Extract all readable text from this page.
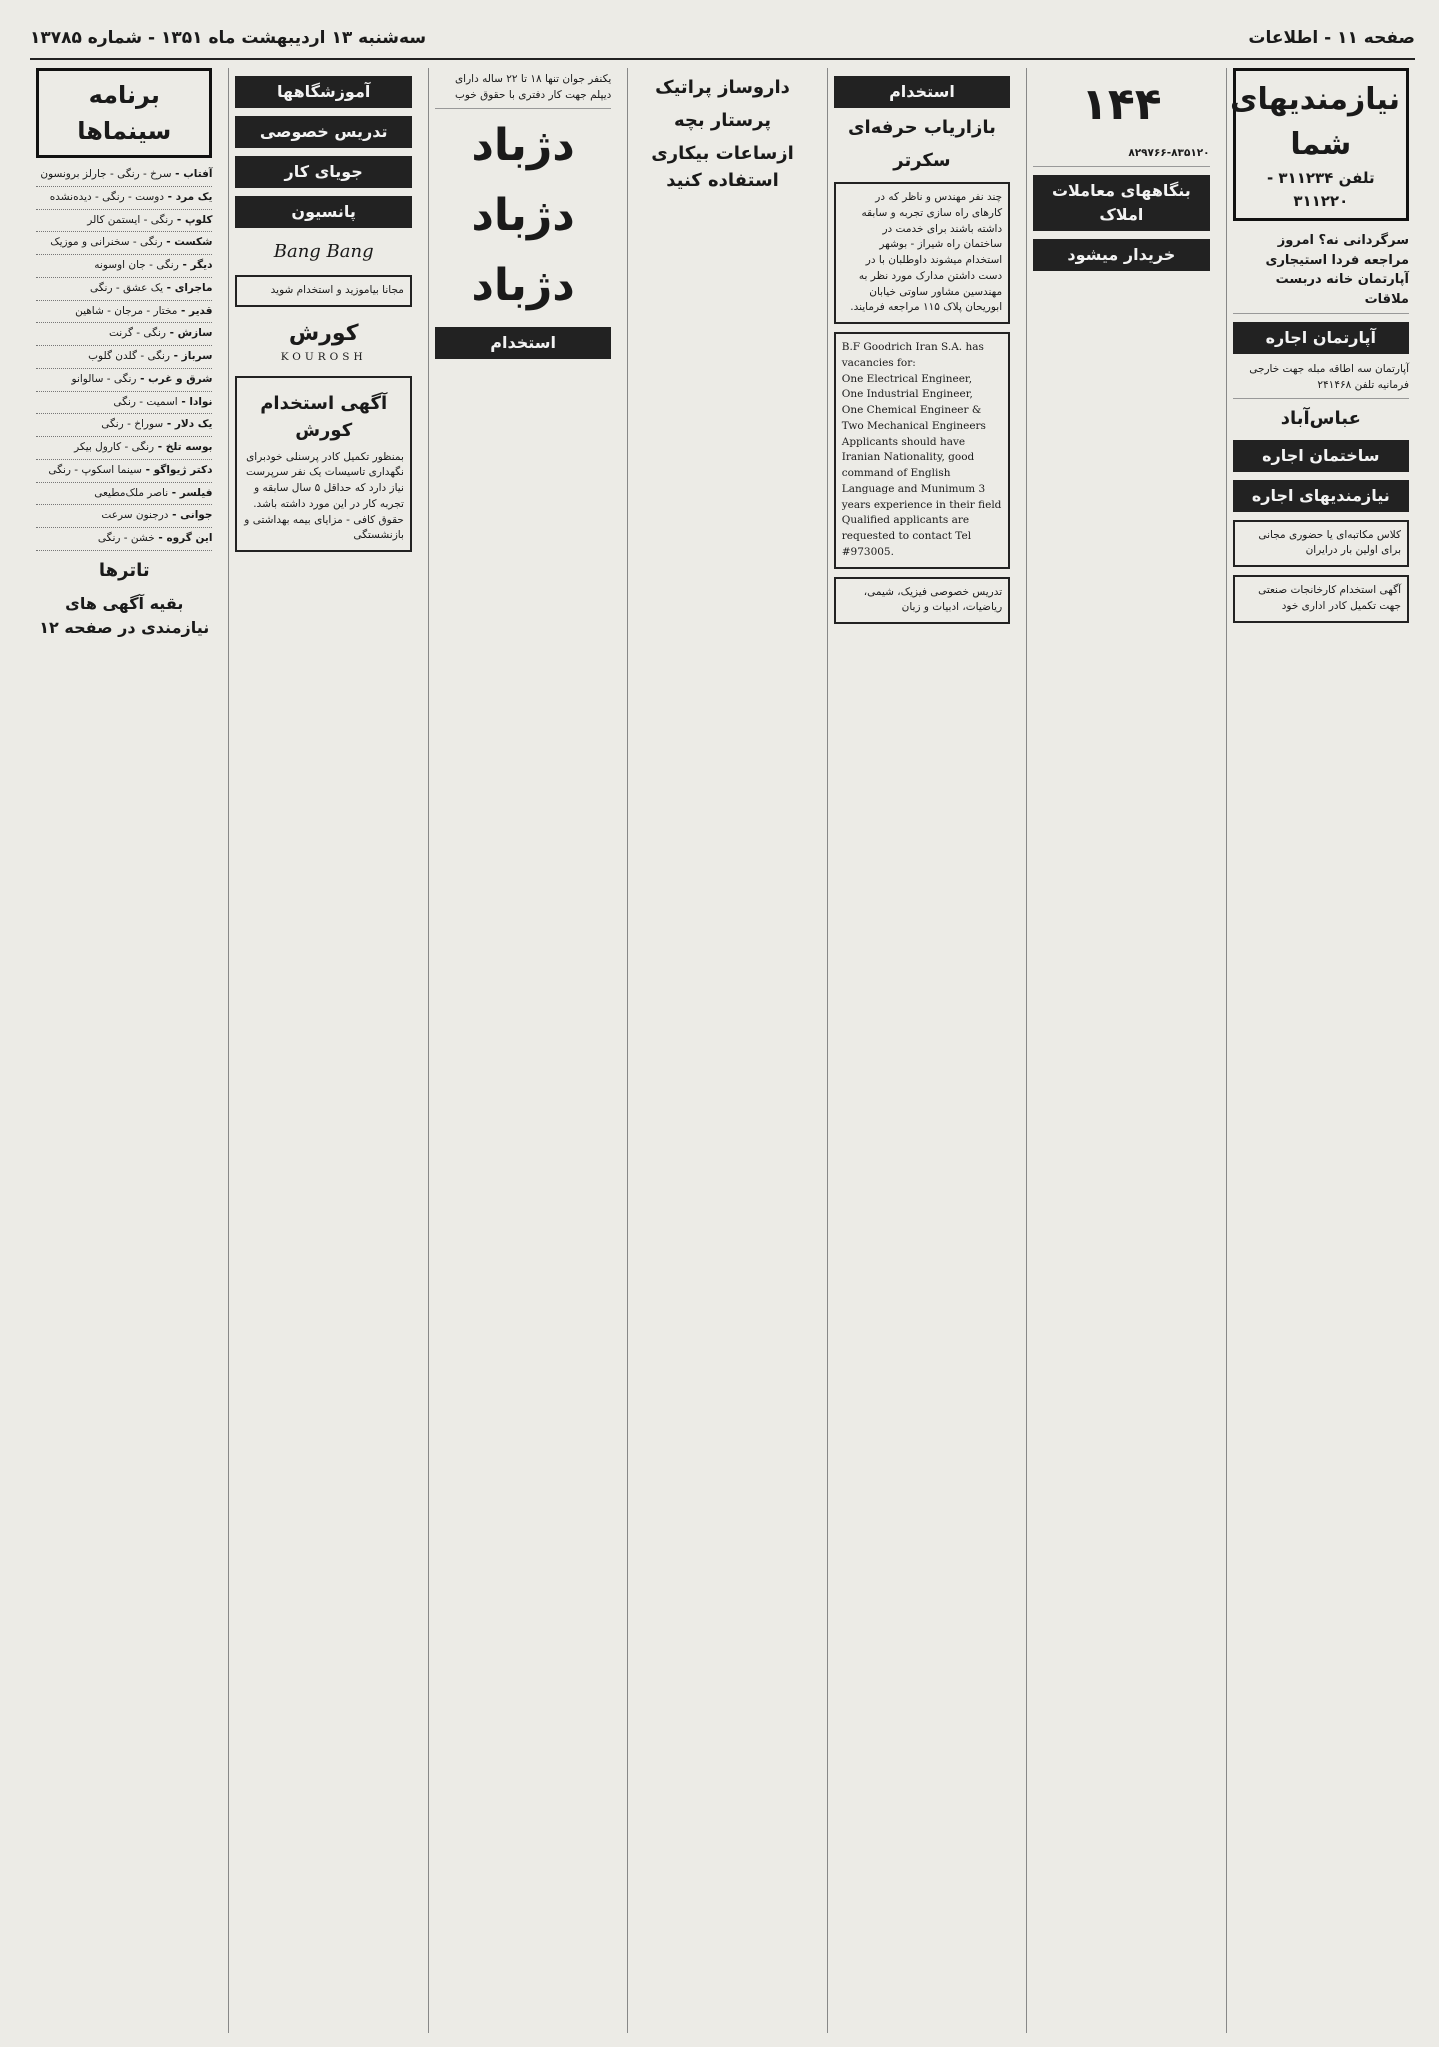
صفحه ۱۱ - اطلاعات
سه‌شنبه ۱۳ اردیبهشت ماه ۱۳۵۱ - شماره ۱۳۷۸۵
نیازمندیهای شما
تلفن ۳۱۱۲۳۴ - ۳۱۱۲۲۰
سرگردانی نه؟ امروز مراجعه فردا استیجاری آپارتمان خانه دربست ملاقات
آپارتمان اجاره
آپارتمان سه اطاقه مبله جهت خارجی فرمانیه تلفن ۲۴۱۴۶۸
عباس‌آباد
ساختمان اجاره
نیازمندیهای اجاره
کلاس مکاتبه‌ای یا حضوری مجانی برای اولین بار درایران
آگهی استخدام کارخانجات صنعتی جهت تکمیل کادر اداری خود
۱۴۴
۸۲۹۷۶۶-۸۳۵۱۲۰
بنگاههای معاملات املاک
خریدار میشود
استخدام
بازاریاب حرفه‌ای
سکرتر
چند نفر مهندس و ناظر که در کارهای راه سازی تجربه و سابقه داشته باشند برای خدمت در ساختمان راه شیراز - بوشهر استخدام میشوند داوطلبان با در دست داشتن مدارک مورد نظر به مهندسین مشاور ساوتی خیابان ابوریحان پلاک ۱۱۵ مراجعه فرمایند.
B.F Goodrich Iran S.A. has vacancies for:
One Electrical Engineer,
One Industrial Engineer,
One Chemical Engineer &
Two Mechanical Engineers
Applicants should have Iranian Nationality, good command of English Language and Munimum 3 years experience in their field Qualified applicants are requested to contact Tel #973005.
تدریس خصوصی فیزیک، شیمی، ریاضیات، ادبیات و زبان
داروساز پراتیک
پرستار بچه
ازساعات بیکاری استفاده کنید
یکنفر جوان تنها ۱۸ تا ۲۲ ساله دارای دیپلم جهت کار دفتری با حقوق خوب
دژباد
دژباد
دژباد
استخدام
آموزشگاهها
تدریس خصوصی
جویای کار
پانسیون
Bang Bang
مجانا بیاموزید و استخدام شوید
کورش
KOUROSH
آگهی استخدام کورش
بمنظور تکمیل کادر پرسنلی خودبرای نگهداری تاسیسات یک نفر سرپرست نیاز دارد که حداقل ۵ سال سابقه و تجربه کار در این مورد داشته باشد.
حقوق کافی - مزایای بیمه بهداشتی و بازنشستگی
برنامه سینماها
آفتاب - سرخ - رنگی - جارلز برونسون
یک مرد - دوست - رنگی - دیده‌نشده
کلوپ - رنگی - ایستمن کالر
شکست - رنگی - سخنرانی و موزیک
دیگر - رنگی - جان اوسونه
ماجرای - یک عشق - رنگی
قدیر - مختار - مرجان - شاهین
سازش - رنگی - گرنت
سرباز - رنگی - گلدن گلوب
شرق و غرب - رنگی - سالوانو
نوادا - اسمیت - رنگی
یک دلار - سوراخ - رنگی
بوسه تلخ - رنگی - کارول بیکر
دکتر ژیواگو - سینما اسکوپ - رنگی
فیلسر - ناصر ملک‌مطیعی
جوانی - درجنون سرعت
این گروه - خشن - رنگی
تاترها
بقیه آگهی های نیازمندی در صفحه ۱۲
